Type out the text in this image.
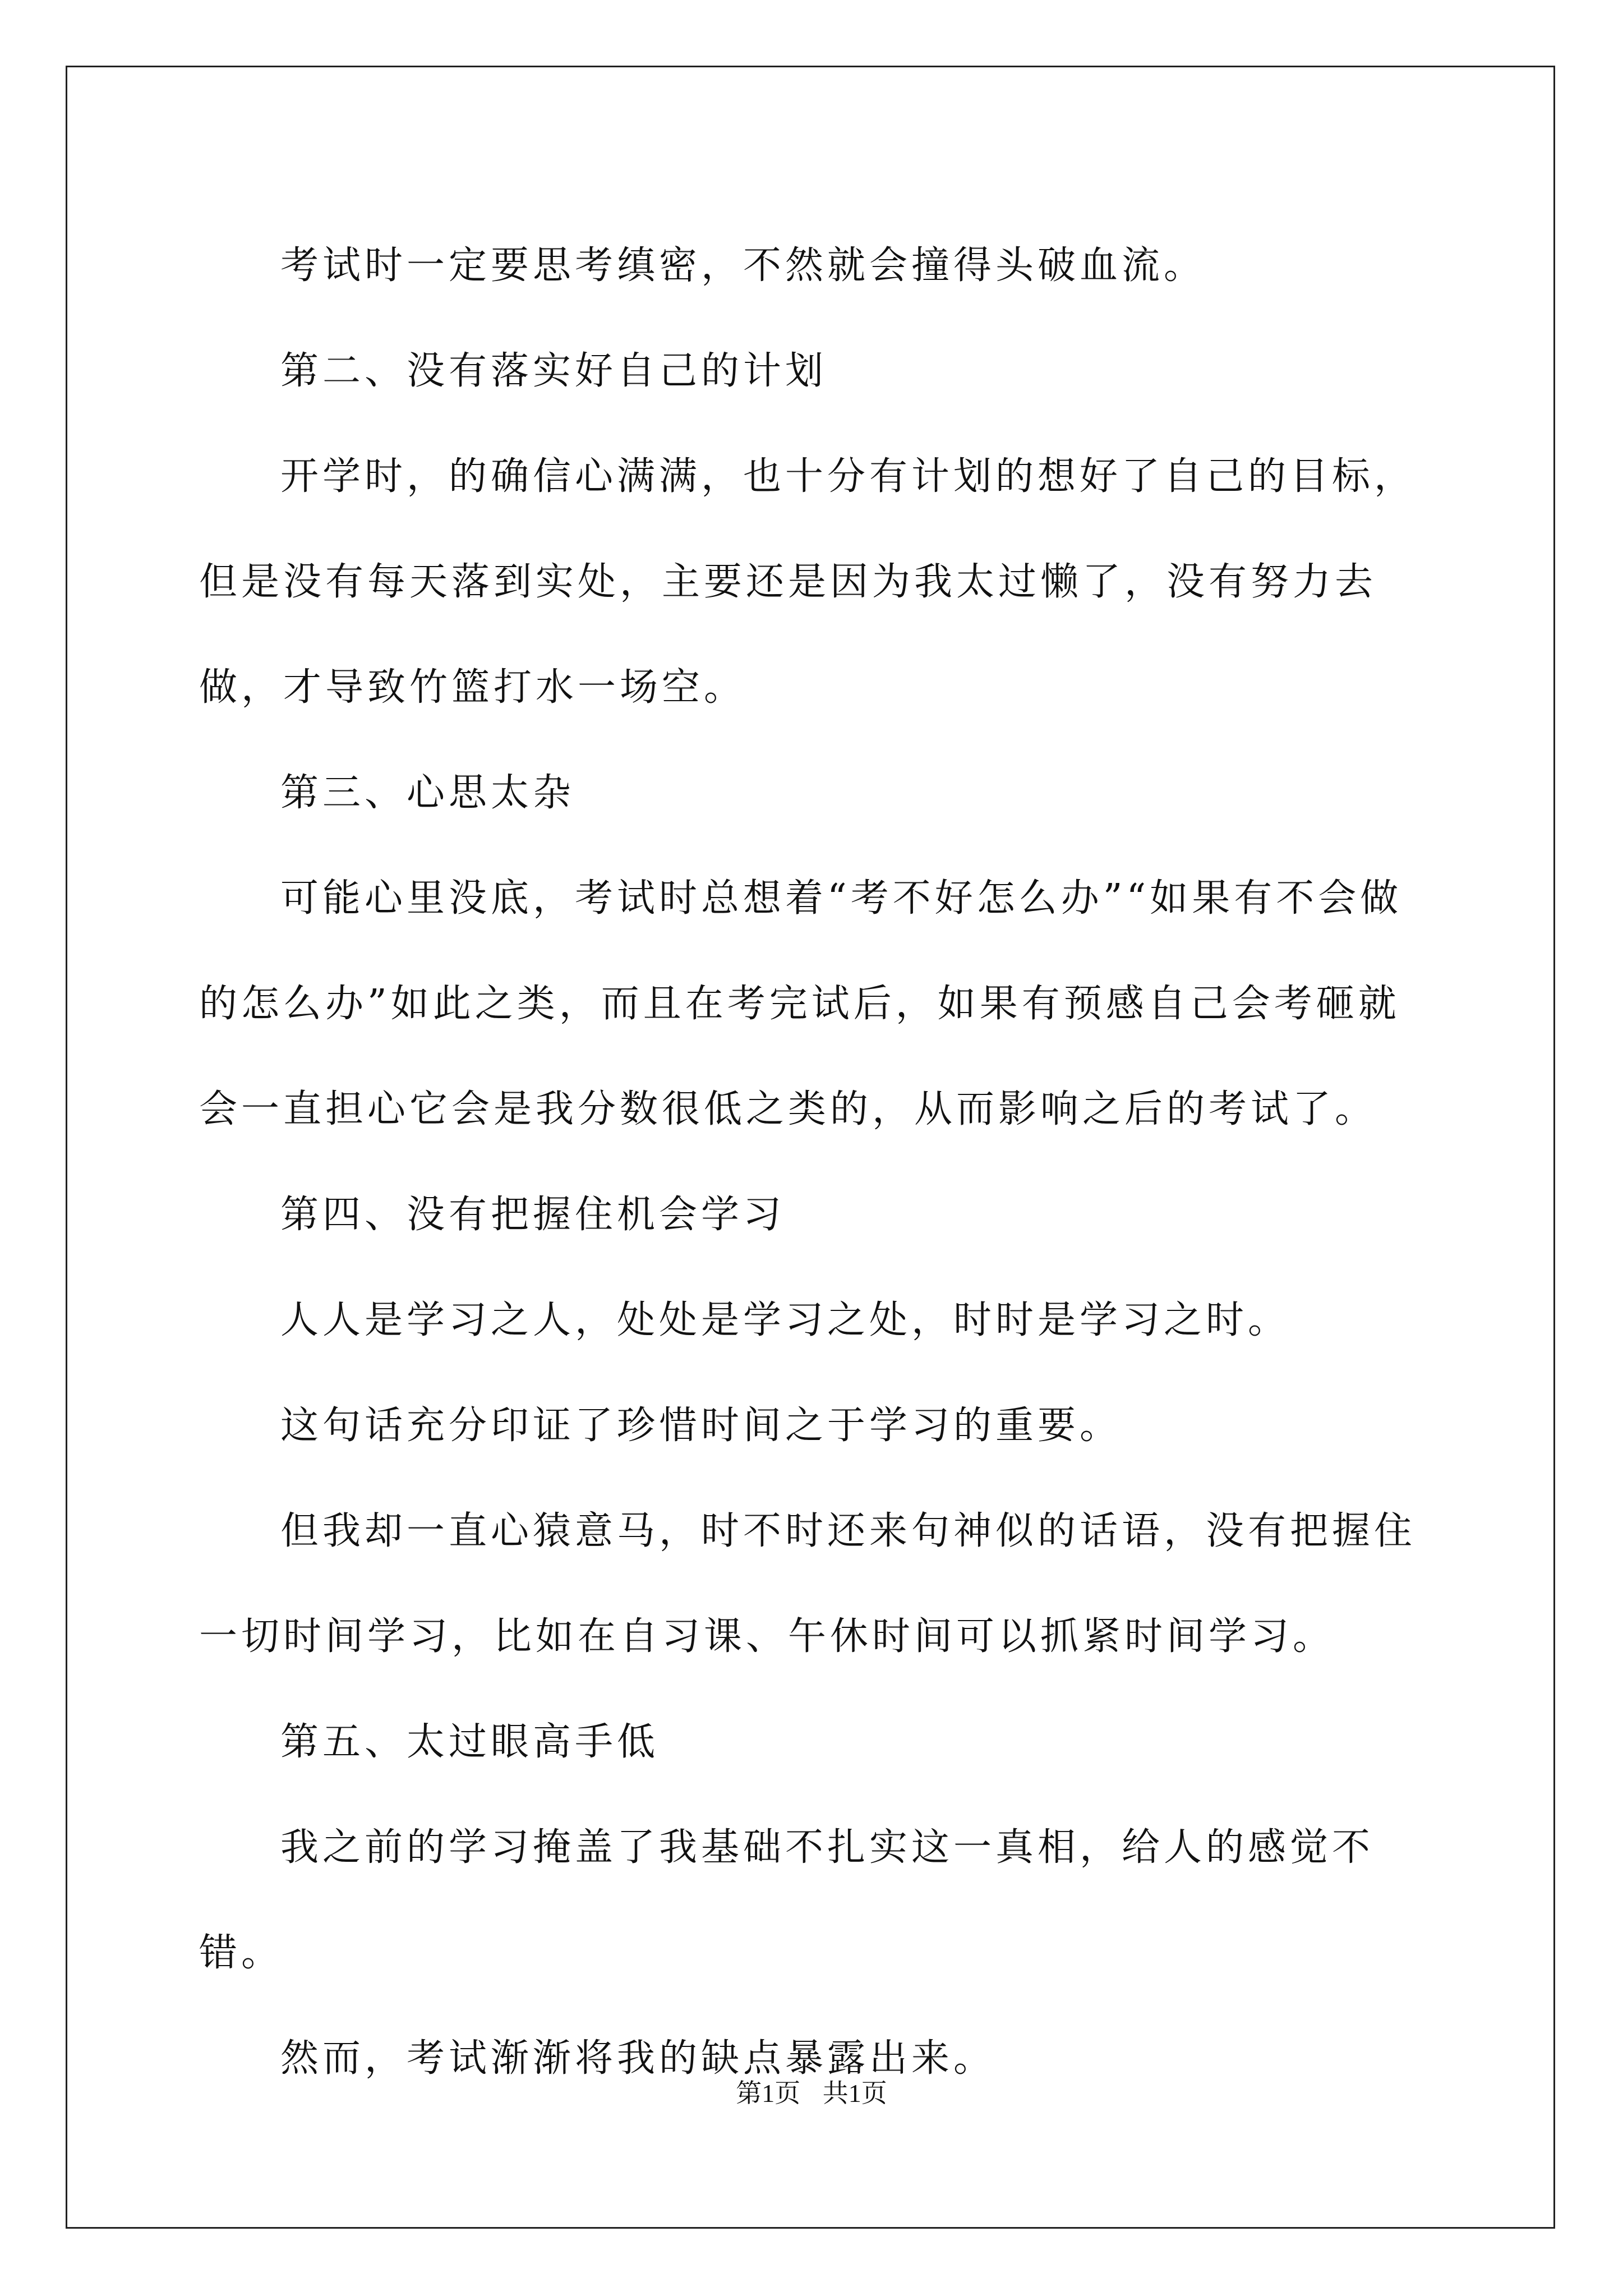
考试时一定要思考缜密，不然就会撞得头破血流。

第二、没有落实好自己的计划

开学时，的确信心满满，也十分有计划的想好了自己的目标，但是没有每天落到实处，主要还是因为我太过懒了，没有努力去做，才导致竹篮打水一场空。

第三、心思太杂

可能心里没底，考试时总想着“考不好怎么办”“如果有不会做的怎么办”如此之类，而且在考完试后，如果有预感自己会考砸就会一直担心它会是我分数很低之类的，从而影响之后的考试了。

第四、没有把握住机会学习

人人是学习之人，处处是学习之处，时时是学习之时。

这句话充分印证了珍惜时间之于学习的重要。

但我却一直心猿意马，时不时还来句神似的话语，没有把握住一切时间学习，比如在自习课、午休时间可以抓紧时间学习。

第五、太过眼高手低

我之前的学习掩盖了我基础不扎实这一真相，给人的感觉不错。

然而，考试渐渐将我的缺点暴露出来。

第1页 共1页
